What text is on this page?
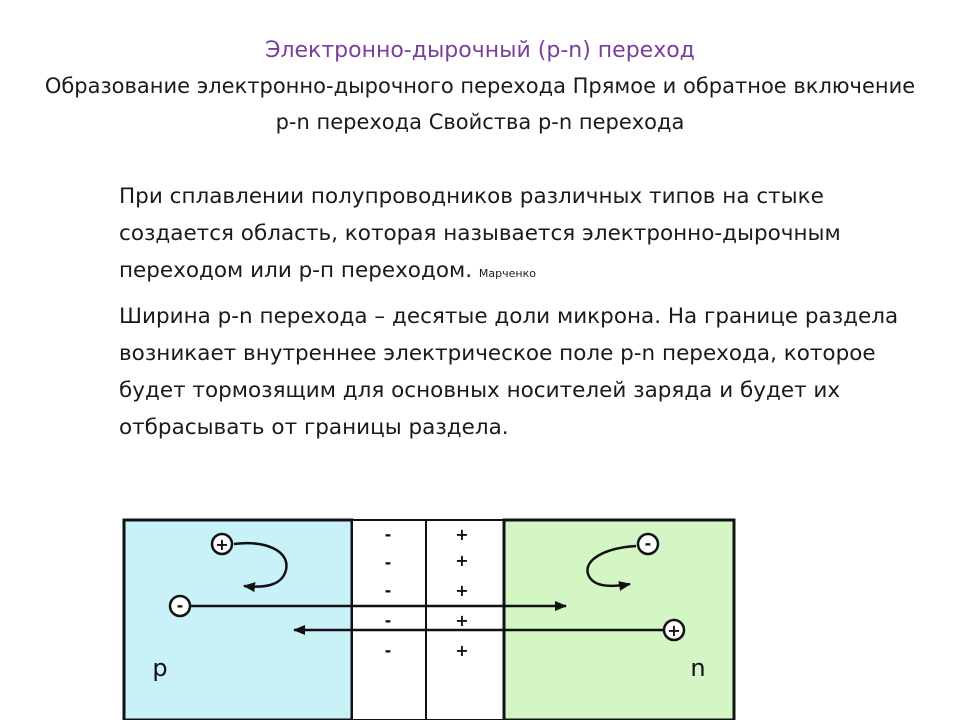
Электронно-дырочный (p-n) переход
Образование электронно-дырочного перехода Прямое и обратное включение p-n перехода Свойства p-n перехода

При сплавлении полупроводников различных типов на стыке создается область, которая называется электронно-дырочным переходом или p-п переходом. Марченко

Ширина p-n перехода – десятые доли микрона. На границе раздела возникает внутреннее электрическое поле p-n перехода, которое будет тормозящим для основных носителей заряда и будет их отбрасывать от границы раздела.

-
-
-
-
-
+
+
+
+
+
+
-
-
+
p	n
